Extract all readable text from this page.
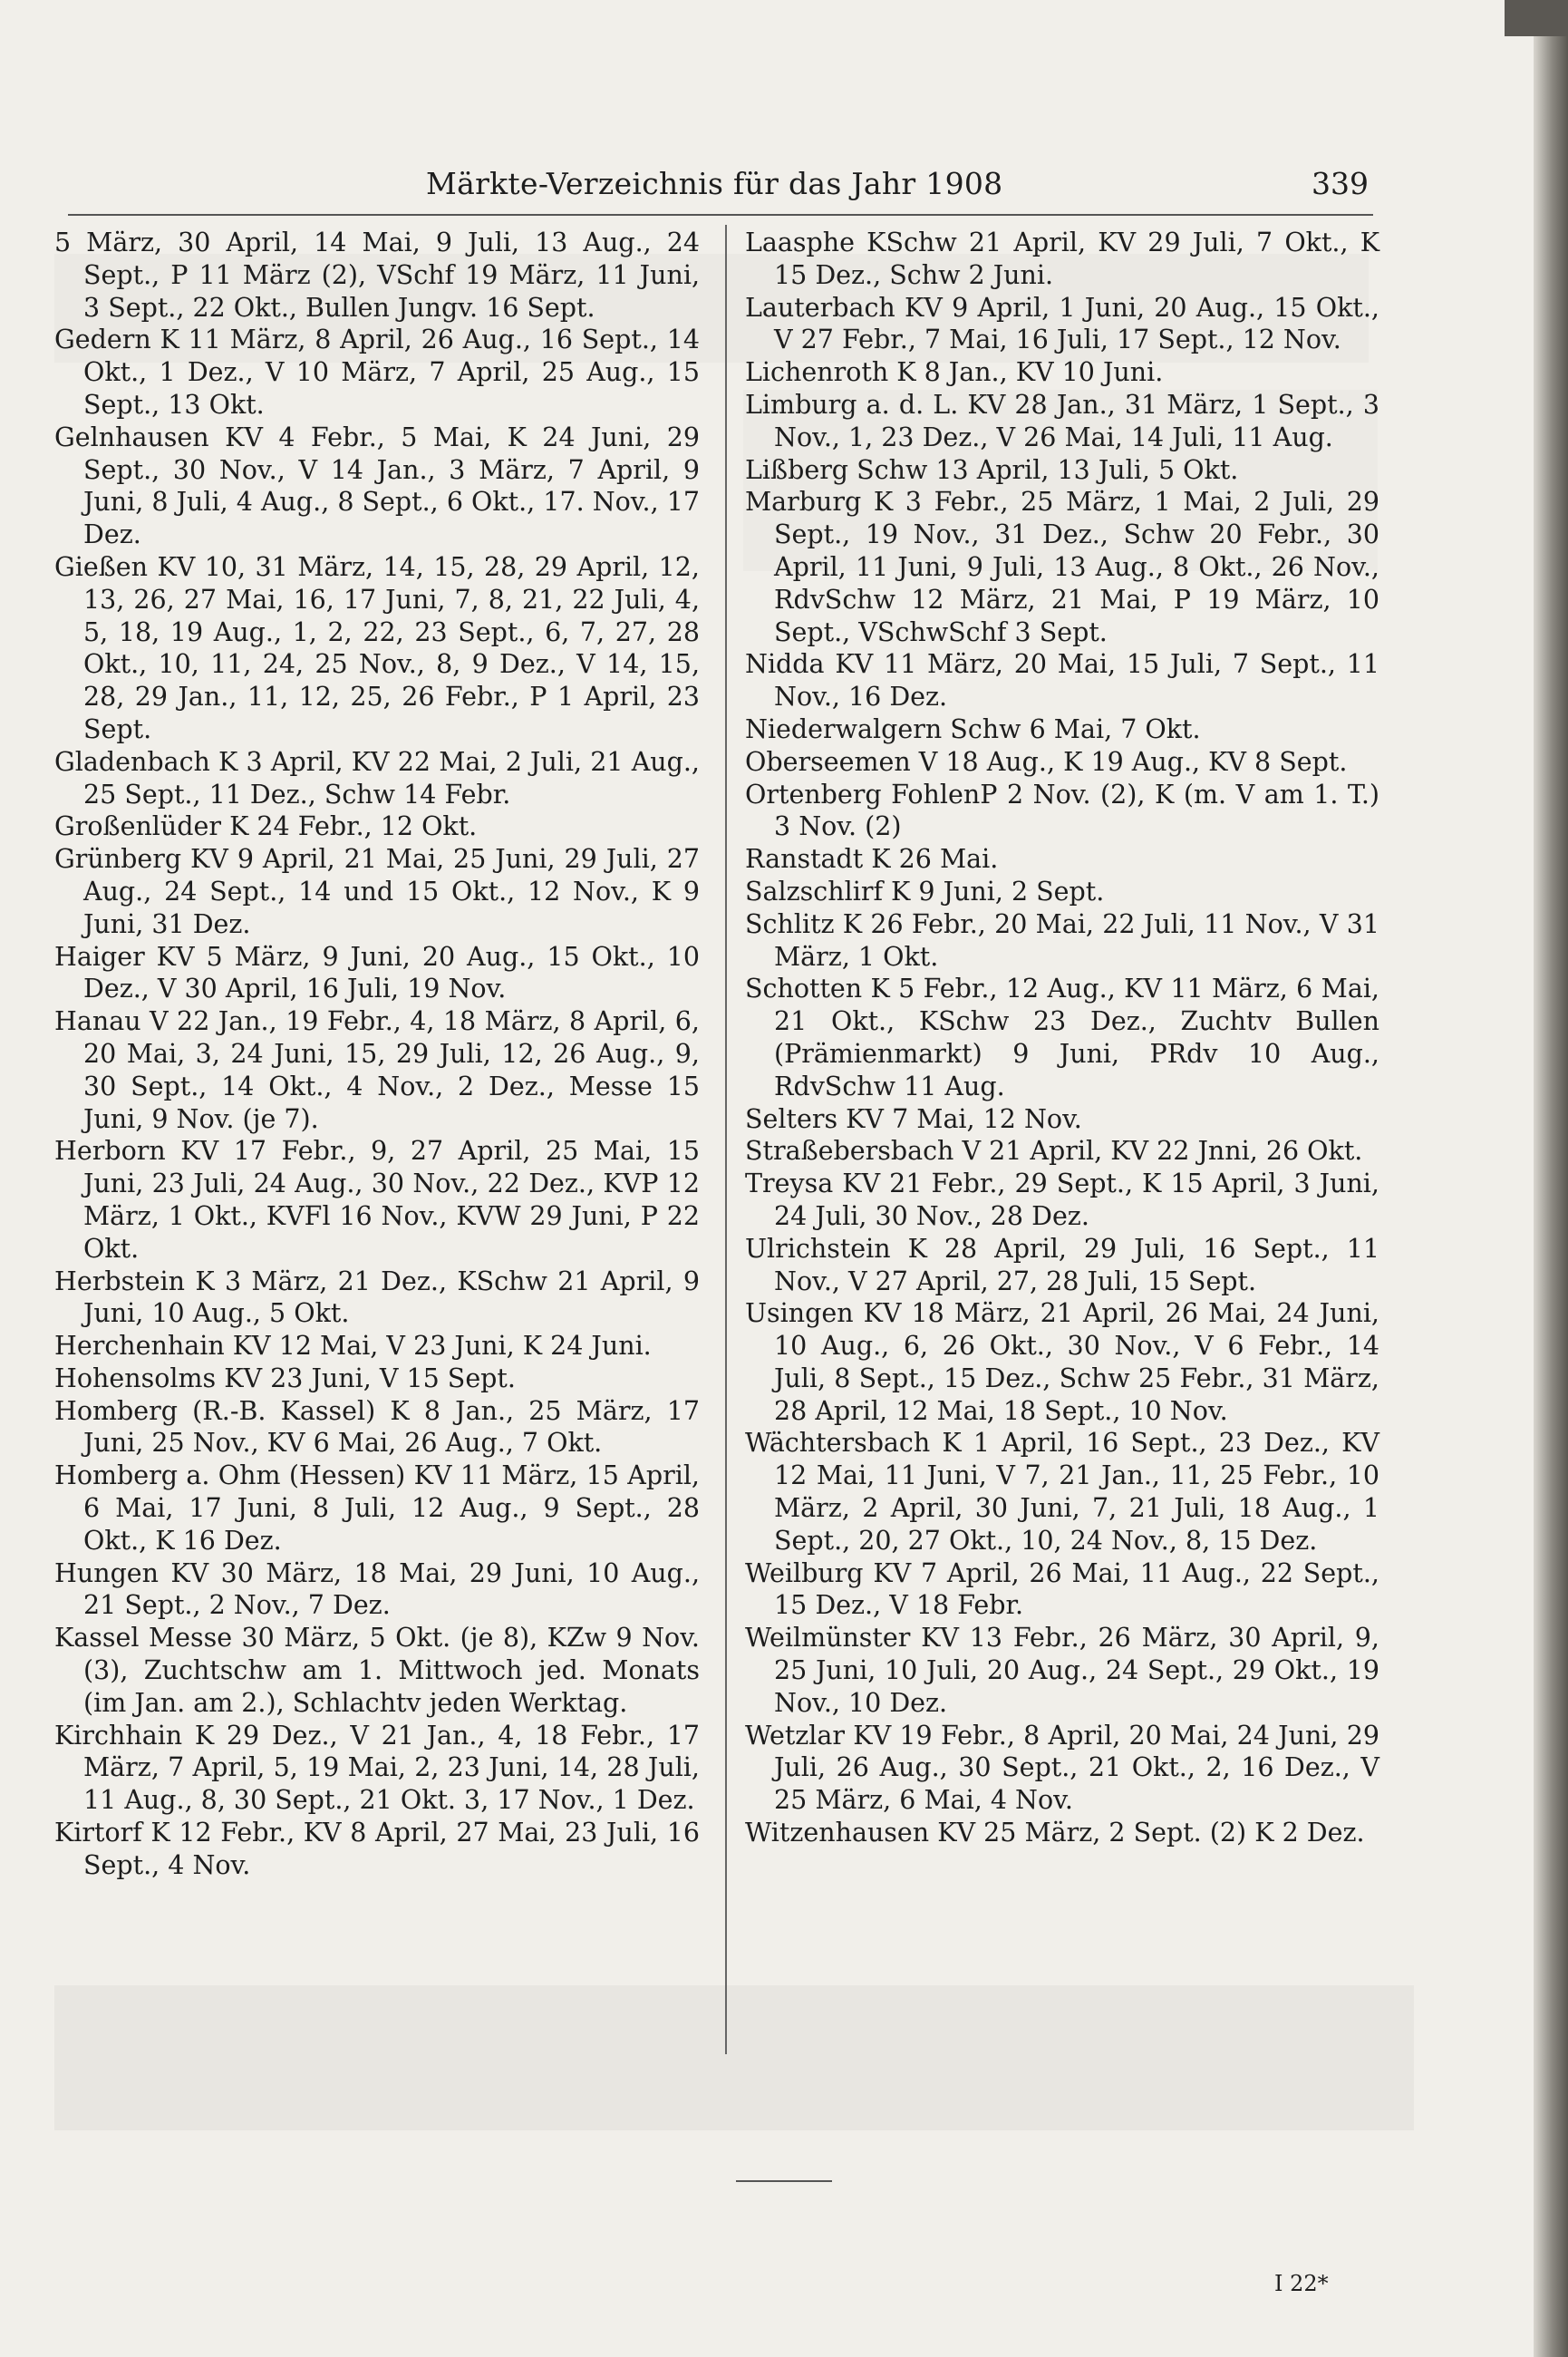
Märkte-Verzeichnis für das Jahr 1908	339

5 März, 30 April, 14 Mai, 9 Juli, 13 Aug., 24 Sept., P 11 März (2), VSchf 19 März, 11 Juni, 3 Sept., 22 Okt., Bullen Jungv. 16 Sept.

Gedern K 11 März, 8 April, 26 Aug., 16 Sept., 14 Okt., 1 Dez., V 10 März, 7 April, 25 Aug., 15 Sept., 13 Okt.

Gelnhausen KV 4 Febr., 5 Mai, K 24 Juni, 29 Sept., 30 Nov., V 14 Jan., 3 März, 7 April, 9 Juni, 8 Juli, 4 Aug., 8 Sept., 6 Okt., 17. Nov., 17 Dez.

Gießen KV 10, 31 März, 14, 15, 28, 29 April, 12, 13, 26, 27 Mai, 16, 17 Juni, 7, 8, 21, 22 Juli, 4, 5, 18, 19 Aug., 1, 2, 22, 23 Sept., 6, 7, 27, 28 Okt., 10, 11, 24, 25 Nov., 8, 9 Dez., V 14, 15, 28, 29 Jan., 11, 12, 25, 26 Febr., P 1 April, 23 Sept.

Gladenbach K 3 April, KV 22 Mai, 2 Juli, 21 Aug., 25 Sept., 11 Dez., Schw 14 Febr.

Großenlüder K 24 Febr., 12 Okt.

Grünberg KV 9 April, 21 Mai, 25 Juni, 29 Juli, 27 Aug., 24 Sept., 14 und 15 Okt., 12 Nov., K 9 Juni, 31 Dez.

Haiger KV 5 März, 9 Juni, 20 Aug., 15 Okt., 10 Dez., V 30 April, 16 Juli, 19 Nov.

Hanau V 22 Jan., 19 Febr., 4, 18 März, 8 April, 6, 20 Mai, 3, 24 Juni, 15, 29 Juli, 12, 26 Aug., 9, 30 Sept., 14 Okt., 4 Nov., 2 Dez., Messe 15 Juni, 9 Nov. (je 7).

Herborn KV 17 Febr., 9, 27 April, 25 Mai, 15 Juni, 23 Juli, 24 Aug., 30 Nov., 22 Dez., KVP 12 März, 1 Okt., KVFl 16 Nov., KVW 29 Juni, P 22 Okt.

Herbstein K 3 März, 21 Dez., KSchw 21 April, 9 Juni, 10 Aug., 5 Okt.

Herchenhain KV 12 Mai, V 23 Juni, K 24 Juni.

Hohensolms KV 23 Juni, V 15 Sept.

Homberg (R.-B. Kassel) K 8 Jan., 25 März, 17 Juni, 25 Nov., KV 6 Mai, 26 Aug., 7 Okt.

Homberg a. Ohm (Hessen) KV 11 März, 15 April, 6 Mai, 17 Juni, 8 Juli, 12 Aug., 9 Sept., 28 Okt., K 16 Dez.

Hungen KV 30 März, 18 Mai, 29 Juni, 10 Aug., 21 Sept., 2 Nov., 7 Dez.

Kassel Messe 30 März, 5 Okt. (je 8), KZw 9 Nov. (3), Zuchtschw am 1. Mittwoch jed. Monats (im Jan. am 2.), Schlachtv jeden Werktag.

Kirchhain K 29 Dez., V 21 Jan., 4, 18 Febr., 17 März, 7 April, 5, 19 Mai, 2, 23 Juni, 14, 28 Juli, 11 Aug., 8, 30 Sept., 21 Okt. 3, 17 Nov., 1 Dez.

Kirtorf K 12 Febr., KV 8 April, 27 Mai, 23 Juli, 16 Sept., 4 Nov.

Laasphe KSchw 21 April, KV 29 Juli, 7 Okt., K 15 Dez., Schw 2 Juni.

Lauterbach KV 9 April, 1 Juni, 20 Aug., 15 Okt., V 27 Febr., 7 Mai, 16 Juli, 17 Sept., 12 Nov.

Lichenroth K 8 Jan., KV 10 Juni.

Limburg a. d. L. KV 28 Jan., 31 März, 1 Sept., 3 Nov., 1, 23 Dez., V 26 Mai, 14 Juli, 11 Aug.

Lißberg Schw 13 April, 13 Juli, 5 Okt.

Marburg K 3 Febr., 25 März, 1 Mai, 2 Juli, 29 Sept., 19 Nov., 31 Dez., Schw 20 Febr., 30 April, 11 Juni, 9 Juli, 13 Aug., 8 Okt., 26 Nov., RdvSchw 12 März, 21 Mai, P 19 März, 10 Sept., VSchwSchf 3 Sept.

Nidda KV 11 März, 20 Mai, 15 Juli, 7 Sept., 11 Nov., 16 Dez.

Niederwalgern Schw 6 Mai, 7 Okt.

Oberseemen V 18 Aug., K 19 Aug., KV 8 Sept.

Ortenberg FohlenP 2 Nov. (2), K (m. V am 1. T.) 3 Nov. (2)

Ranstadt K 26 Mai.

Salzschlirf K 9 Juni, 2 Sept.

Schlitz K 26 Febr., 20 Mai, 22 Juli, 11 Nov., V 31 März, 1 Okt.

Schotten K 5 Febr., 12 Aug., KV 11 März, 6 Mai, 21 Okt., KSchw 23 Dez., Zuchtv Bullen (Prämienmarkt) 9 Juni, PRdv 10 Aug., RdvSchw 11 Aug.

Selters KV 7 Mai, 12 Nov.

Straßebersbach V 21 April, KV 22 Jnni, 26 Okt.

Treysa KV 21 Febr., 29 Sept., K 15 April, 3 Juni, 24 Juli, 30 Nov., 28 Dez.

Ulrichstein K 28 April, 29 Juli, 16 Sept., 11 Nov., V 27 April, 27, 28 Juli, 15 Sept.

Usingen KV 18 März, 21 April, 26 Mai, 24 Juni, 10 Aug., 6, 26 Okt., 30 Nov., V 6 Febr., 14 Juli, 8 Sept., 15 Dez., Schw 25 Febr., 31 März, 28 April, 12 Mai, 18 Sept., 10 Nov.

Wächtersbach K 1 April, 16 Sept., 23 Dez., KV 12 Mai, 11 Juni, V 7, 21 Jan., 11, 25 Febr., 10 März, 2 April, 30 Juni, 7, 21 Juli, 18 Aug., 1 Sept., 20, 27 Okt., 10, 24 Nov., 8, 15 Dez.

Weilburg KV 7 April, 26 Mai, 11 Aug., 22 Sept., 15 Dez., V 18 Febr.

Weilmünster KV 13 Febr., 26 März, 30 April, 9, 25 Juni, 10 Juli, 20 Aug., 24 Sept., 29 Okt., 19 Nov., 10 Dez.

Wetzlar KV 19 Febr., 8 April, 20 Mai, 24 Juni, 29 Juli, 26 Aug., 30 Sept., 21 Okt., 2, 16 Dez., V 25 März, 6 Mai, 4 Nov.

Witzenhausen KV 25 März, 2 Sept. (2) K 2 Dez.

I 22*
